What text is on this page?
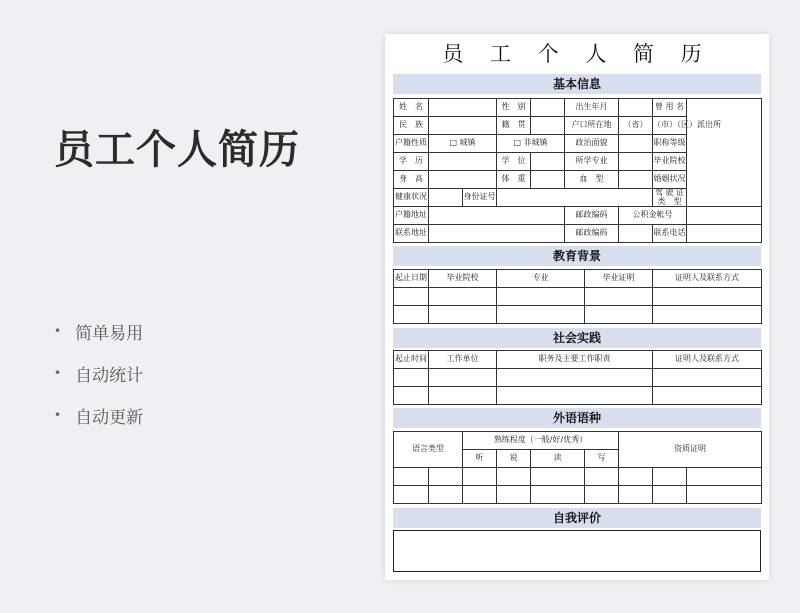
员工个人简历
• 简单易用
• 自动统计
• 自动更新
员 工 个 人 简 历
基本信息
姓　名			性　别		出生年月		曾 用 名	
民　族			籍　贯		户口所在地	（省）	（市）（区）派出所	
户籍性质	□ 城镇		□ 非城镇		政治面貌		职称等级	
学　历			学　位		所学专业		毕业院校	
身　高			体　重		血　型		婚姻状况	
健康状况		身份证号					驾 驶 证 类　型	
户籍地址					邮政编码	公积金帐号		
联系地址					邮政编码		联系电话	
教育背景
起止日期	毕业院校	专业	毕业证明	证明人及联系方式

社会实践
起止时间	工作单位	职务及主要工作职责	证明人及联系方式

外语语种
语言类型		熟练程度（一般/好/优秀）				资质证明		
		听	说	读	写			

自我评价
